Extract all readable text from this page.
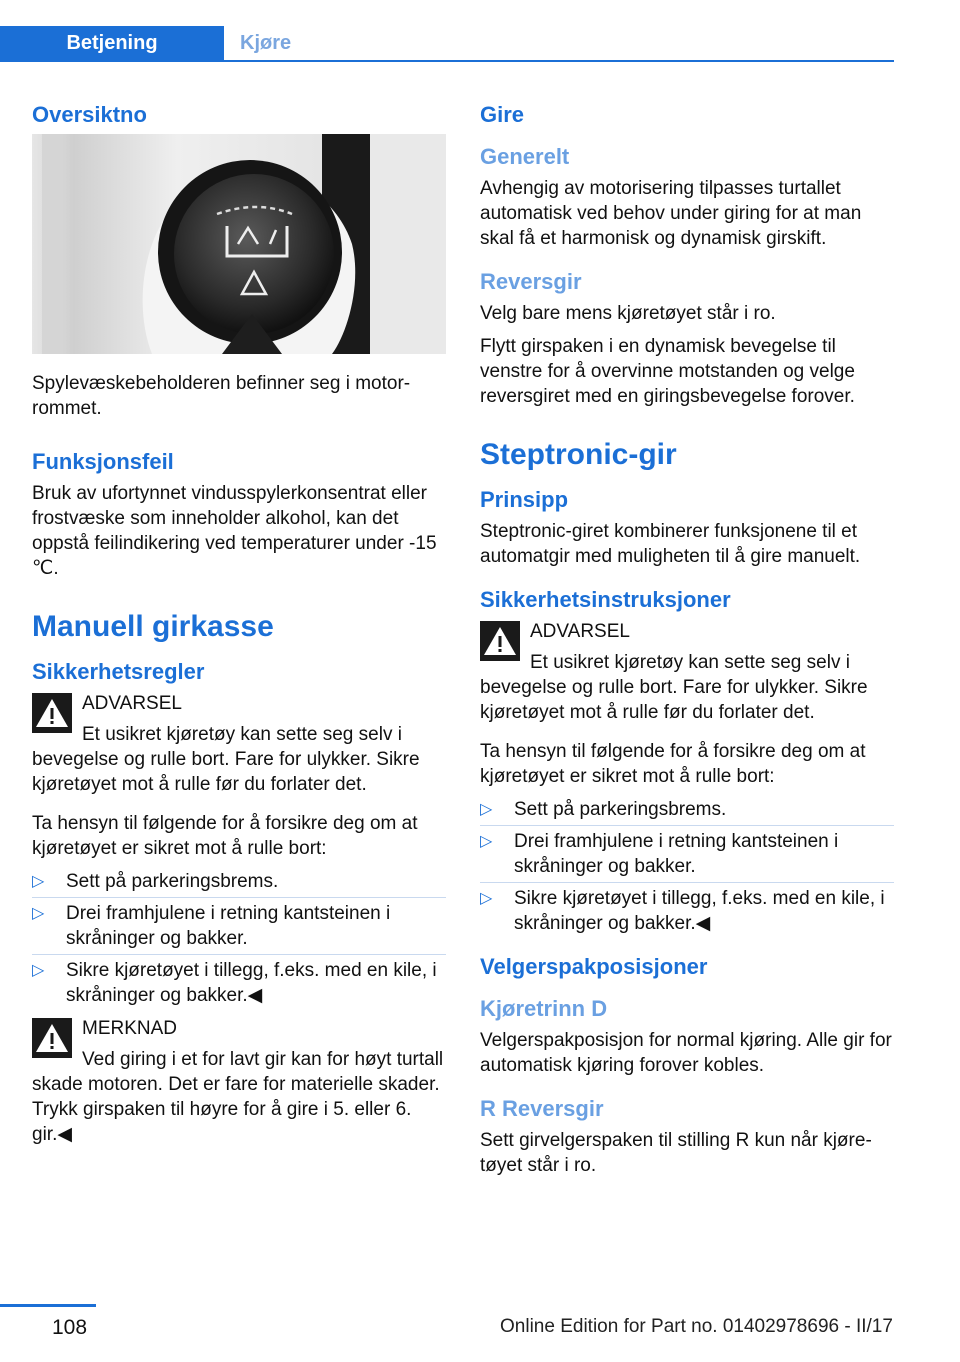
Betjening	Kjøre
Oversiktno

Spylevæskebeholderen befinner seg i motorrommet.

Funksjonsfeil

Bruk av ufortynnet vindusspylerkonsentrat eller frostvæske som inneholder alkohol, kan det oppstå feilindikering ved temperaturer under -15 ℃.

Manuell girkasse
Sikkerhetsregler
ADVARSEL
Et usikret kjøretøy kan sette seg selv i bevegelse og rulle bort. Fare for ulykker. Sikre kjøretøyet mot å rulle før du forlater det.

Ta hensyn til følgende for å forsikre deg om at kjøretøyet er sikret mot å rulle bort:

▷ Sett på parkeringsbrems.
▷ Drei framhjulene i retning kantsteinen i skråninger og bakker.
▷ Sikre kjøretøyet i tillegg, f.eks. med en kile, i skråninger og bakker.◀
MERKNAD
Ved giring i et for lavt gir kan for høyt turtall skade motoren. Det er fare for materielle skader. Trykk girspaken til høyre for å gire i 5. eller 6. gir.◀
Gire
Generelt

Avhengig av motorisering tilpasses turtallet automatisk ved behov under giring for at man skal få et harmonisk og dynamisk girskift.

Reversgir

Velg bare mens kjøretøyet står i ro.

Flytt girspaken i en dynamisk bevegelse til venstre for å overvinne motstanden og velge reversgiret med en giringsbevegelse forover.

Steptronic-gir
Prinsipp

Steptronic-giret kombinerer funksjonene til et automatgir med muligheten til å gire manuelt.

Sikkerhetsinstruksjoner
ADVARSEL
Et usikret kjøretøy kan sette seg selv i bevegelse og rulle bort. Fare for ulykker. Sikre kjøretøyet mot å rulle før du forlater det.

Ta hensyn til følgende for å forsikre deg om at kjøretøyet er sikret mot å rulle bort:

▷ Sett på parkeringsbrems.
▷ Drei framhjulene i retning kantsteinen i skråninger og bakker.
▷ Sikre kjøretøyet i tillegg, f.eks. med en kile, i skråninger og bakker.◀
Velgerspakposisjoner
Kjøretrinn D

Velgerspakposisjon for normal kjøring. Alle gir for automatisk kjøring forover kobles.

R Reversgir

Sett girvelgerspaken til stilling R kun når kjøretøyet står i ro.

108	Online Edition for Part no. 01402978696 - II/17
